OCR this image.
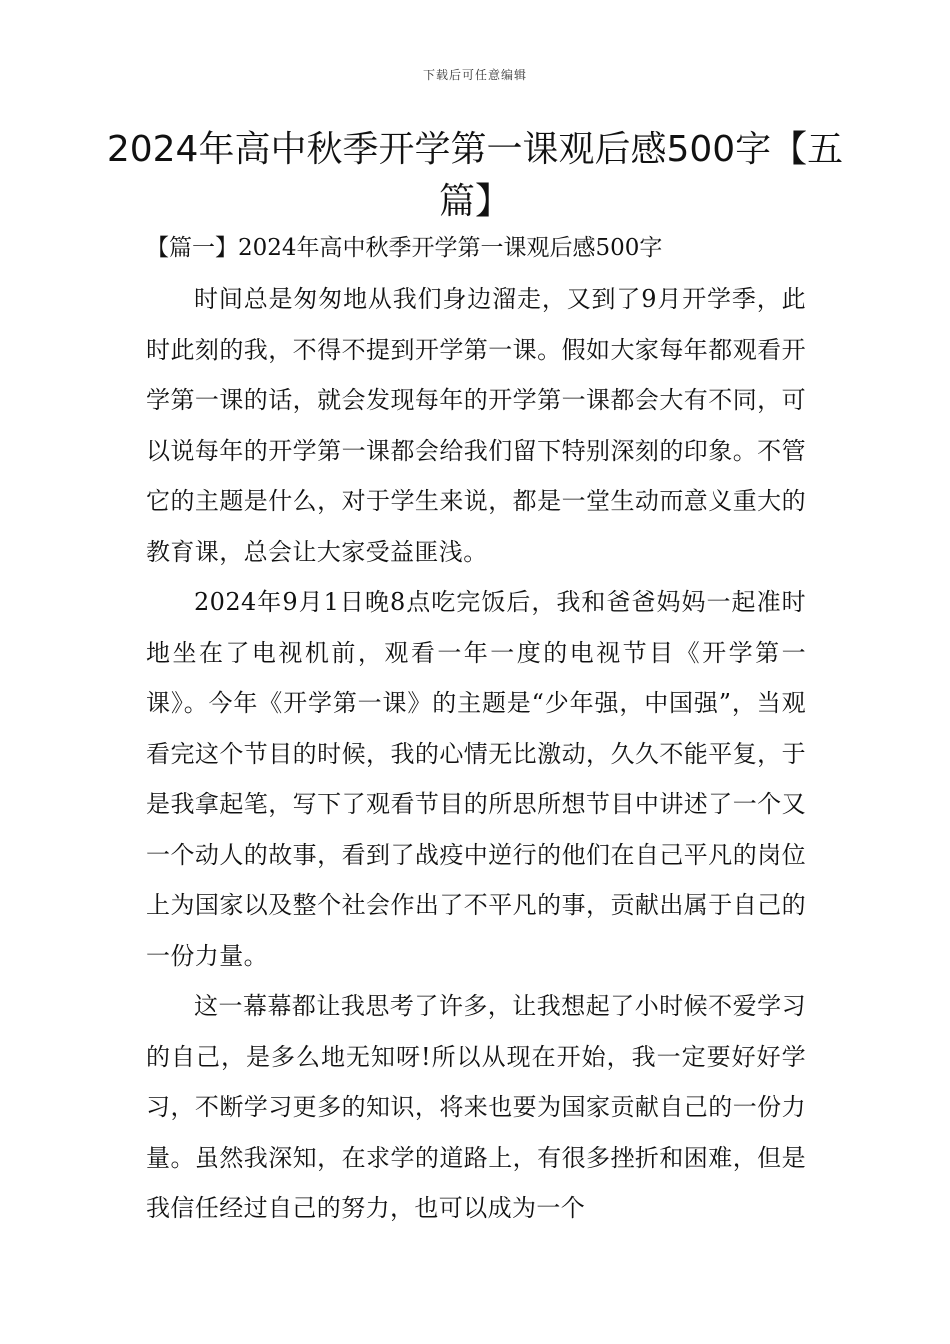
下载后可任意编辑
2024年高中秋季开学第一课观后感500字【五篇】

【篇一】2024年高中秋季开学第一课观后感500字

时间总是匆匆地从我们身边溜走，又到了9月开学季，此时此刻的我，不得不提到开学第一课。假如大家每年都观看开学第一课的话，就会发现每年的开学第一课都会大有不同，可以说每年的开学第一课都会给我们留下特别深刻的印象。不管它的主题是什么，对于学生来说，都是一堂生动而意义重大的教育课，总会让大家受益匪浅。

2024年9月1日晚8点吃完饭后，我和爸爸妈妈一起准时地坐在了电视机前，观看一年一度的电视节目《开学第一课》。今年《开学第一课》的主题是“少年强，中国强”，当观看完这个节目的时候，我的心情无比激动，久久不能平复，于是我拿起笔，写下了观看节目的所思所想节目中讲述了一个又一个动人的故事，看到了战疫中逆行的他们在自己平凡的岗位上为国家以及整个社会作出了不平凡的事，贡献出属于自己的一份力量。

这一幕幕都让我思考了许多，让我想起了小时候不爱学习的自己，是多么地无知呀!所以从现在开始，我一定要好好学习，不断学习更多的知识，将来也要为国家贡献自己的一份力量。虽然我深知，在求学的道路上，有很多挫折和困难，但是我信任经过自己的努力，也可以成为一个
